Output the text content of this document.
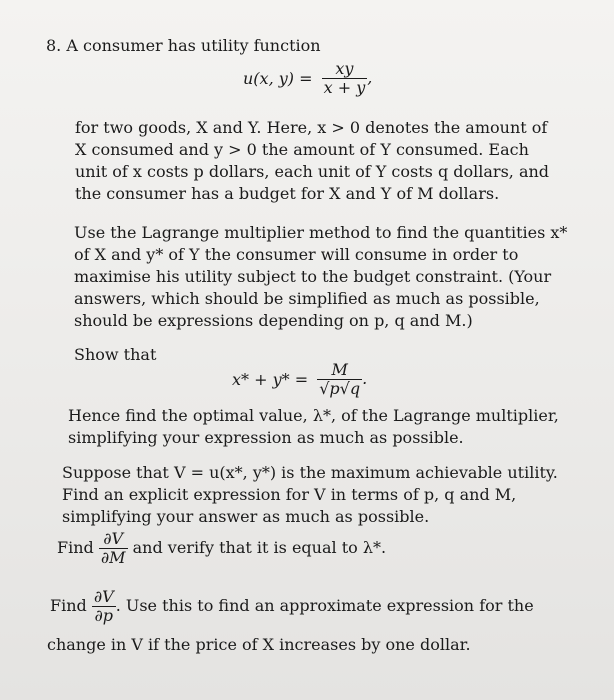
8. A consumer has utility function
u(x, $y) = \frac{xy}{x + y}$ ,
for two goods, X and Y. Here, x > 0 denotes the amount of
X consumed and y > 0 the amount of Y consumed. Each
unit of x costs p dollars, each unit of Y costs q dollars, and
the consumer has a budget for X and Y of M dollars.
Use the Lagrange multiplier method to find the quantities x*
of X and y* of Y the consumer will consume in order to
maximise his utility subject to the budget constraint. (Your
answers, which should be simplified as much as possible,
should be expressions depending on p, q and M.)
Show that
$x* + y* = \frac{M}{√p√q}$ .
Hence find the optimal value, λ*, of the Lagrange multiplier,
simplifying your expression as much as possible.
Suppose that V = u(x*, y*) is the maximum achievable utility.
Find an explicit expression for V in terms of p, q and M,
simplifying your answer as much as possible.
Find $\frac{\partial V}{\partial M}$ and verify that it is equal to λ*.
Find $\frac{\partial V}{\partial p}$ . Use this to find an approximate expression for the
change in V if the price of X increases by one dollar.
